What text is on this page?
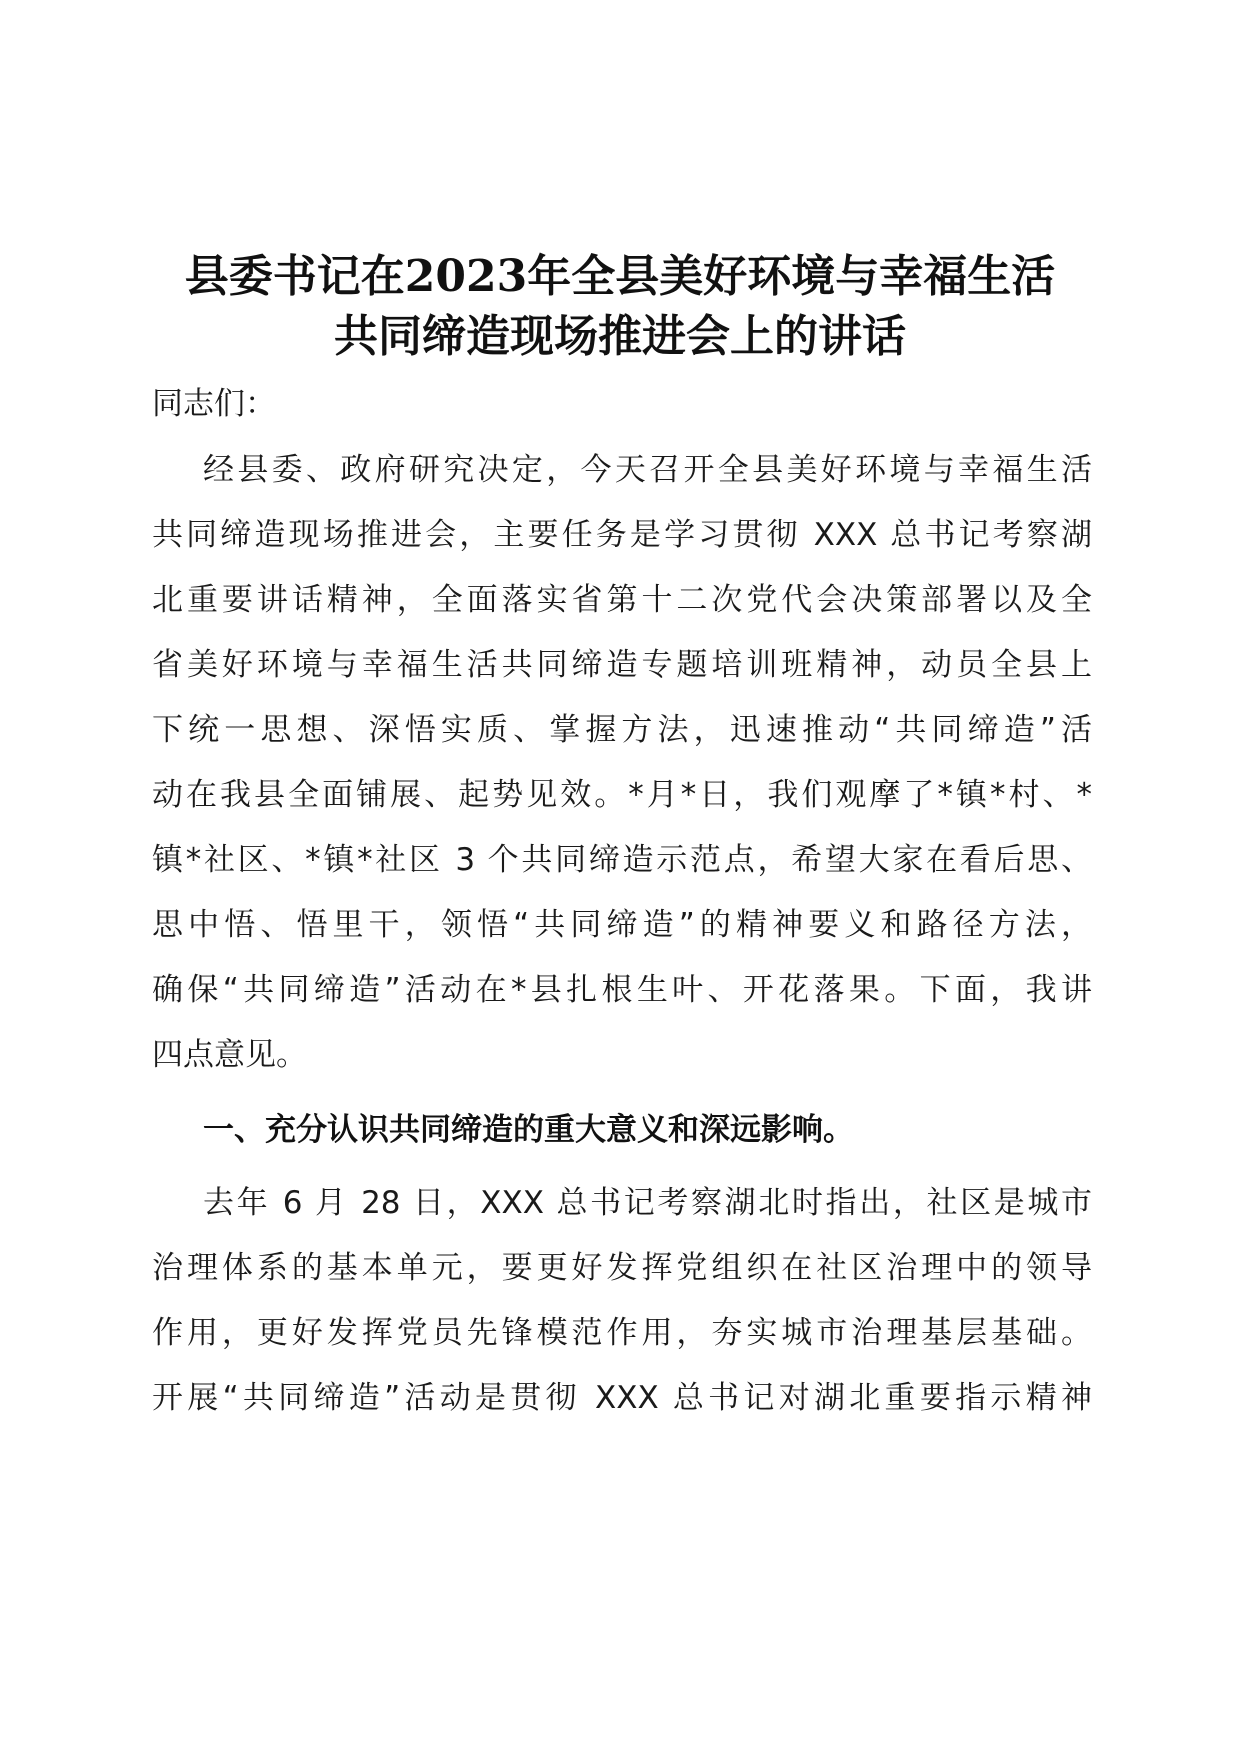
县委书记在2023年全县美好环境与幸福生活
共同缔造现场推进会上的讲话
同志们：
经县委、政府研究决定，今天召开全县美好环境与幸福生活
共同缔造现场推进会，主要任务是学习贯彻 XXX 总书记考察湖
北重要讲话精神，全面落实省第十二次党代会决策部署以及全
省美好环境与幸福生活共同缔造专题培训班精神，动员全县上
下统一思想、深悟实质、掌握方法，迅速推动“共同缔造”活
动在我县全面铺展、起势见效。*月*日，我们观摩了*镇*村、*
镇*社区、*镇*社区 3 个共同缔造示范点，希望大家在看后思、
思中悟、悟里干，领悟“共同缔造”的精神要义和路径方法，
确保“共同缔造”活动在*县扎根生叶、开花落果。下面，我讲
四点意见。
一、充分认识共同缔造的重大意义和深远影响。
去年 6 月 28 日，XXX 总书记考察湖北时指出，社区是城市
治理体系的基本单元，要更好发挥党组织在社区治理中的领导
作用，更好发挥党员先锋模范作用，夯实城市治理基层基础。
开展“共同缔造”活动是贯彻 XXX 总书记对湖北重要指示精神
